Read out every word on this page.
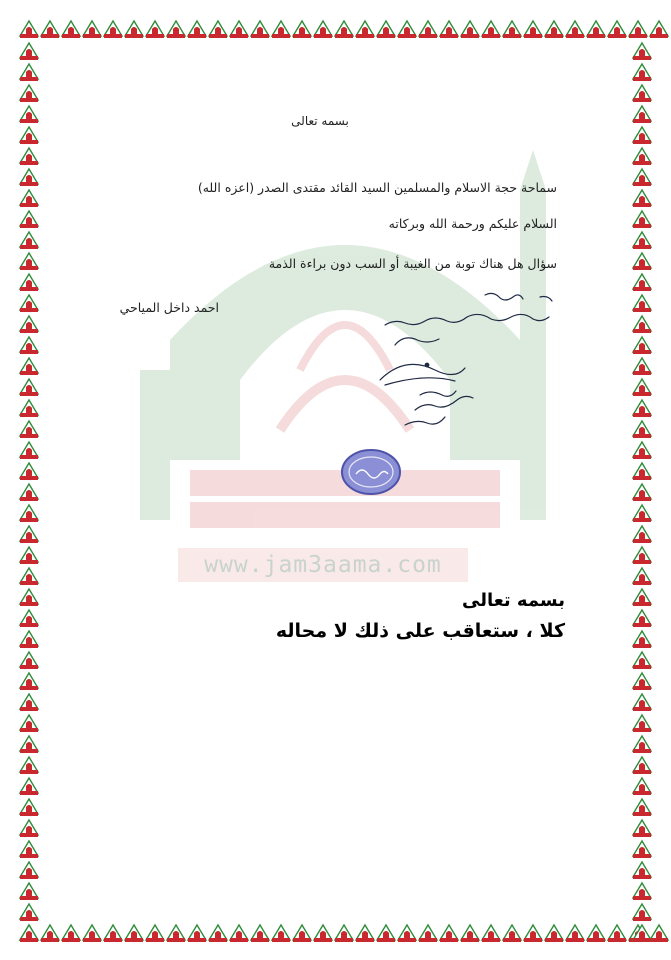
www.jam3aama.com
بسمه تعالى
سماحة حجة الاسلام والمسلمين السيد القائد مقتدى الصدر (اعزه الله)
السلام عليكم ورحمة الله وبركاته
سؤال هل هناك توبة من الغيبة أو السب دون براءة الذمة
احمد داخل المياحي
بسمه تعالى
كلا ، ستعاقب على ذلك لا محاله
